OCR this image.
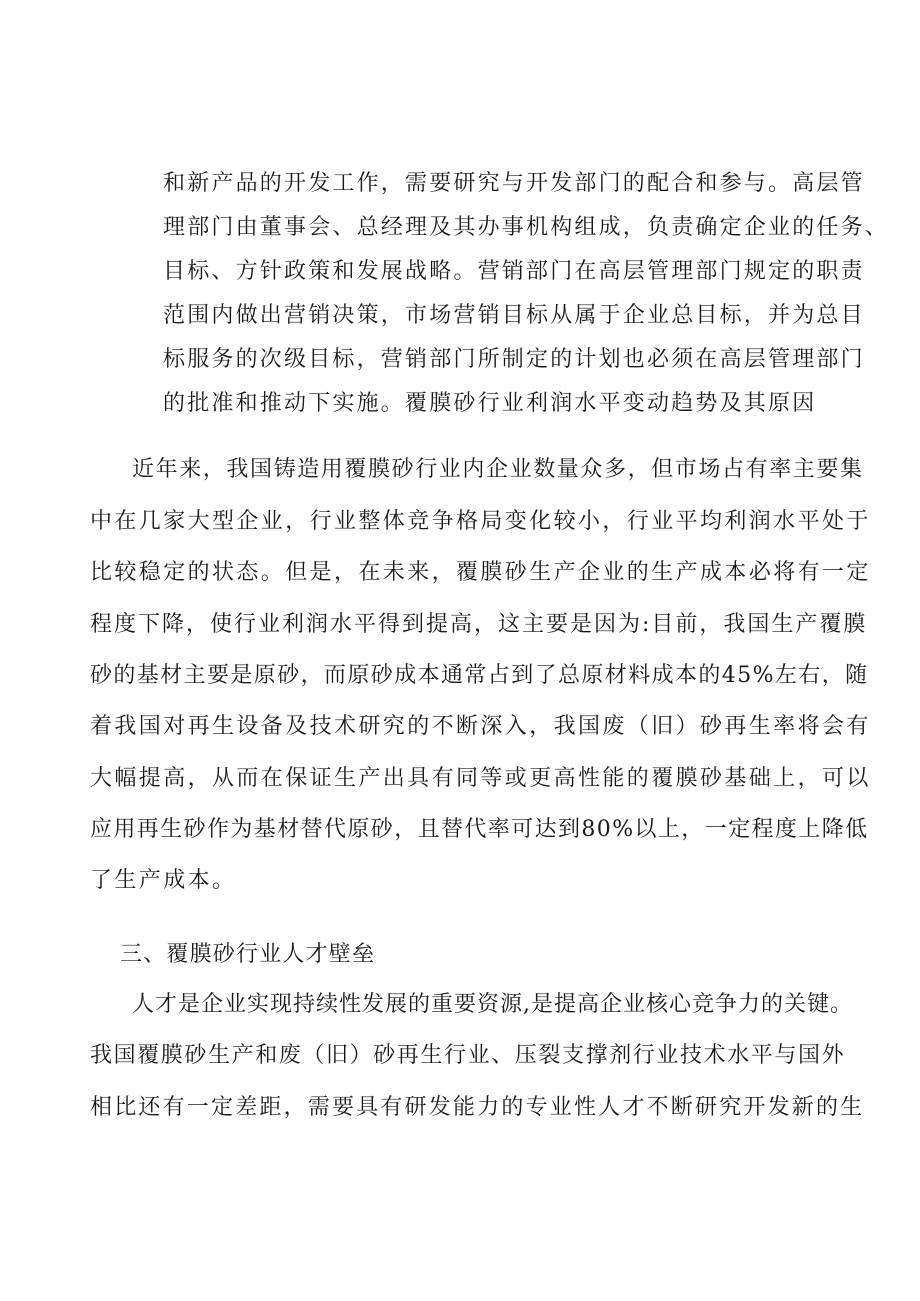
和新产品的开发工作，需要研究与开发部门的配合和参与。高层管
理部门由董事会、总经理及其办事机构组成，负责确定企业的任务、
目标、方针政策和发展战略。营销部门在高层管理部门规定的职责
范围内做出营销决策，市场营销目标从属于企业总目标，并为总目
标服务的次级目标，营销部门所制定的计划也必须在高层管理部门
的批准和推动下实施。覆膜砂行业利润水平变动趋势及其原因
近年来，我国铸造用覆膜砂行业内企业数量众多，但市场占有率主要集
中在几家大型企业，行业整体竞争格局变化较小，行业平均利润水平处于
比较稳定的状态。但是，在未来，覆膜砂生产企业的生产成本必将有一定
程度下降，使行业利润水平得到提高，这主要是因为:目前，我国生产覆膜
砂的基材主要是原砂，而原砂成本通常占到了总原材料成本的45%左右，随
着我国对再生设备及技术研究的不断深入，我国废（旧）砂再生率将会有
大幅提高，从而在保证生产出具有同等或更高性能的覆膜砂基础上，可以
应用再生砂作为基材替代原砂，且替代率可达到80%以上，一定程度上降低
了生产成本。
三、覆膜砂行业人才壁垒
人才是企业实现持续性发展的重要资源,是提高企业核心竞争力的关键。
我国覆膜砂生产和废（旧）砂再生行业、压裂支撑剂行业技术水平与国外
相比还有一定差距，需要具有研发能力的专业性人才不断研究开发新的生
